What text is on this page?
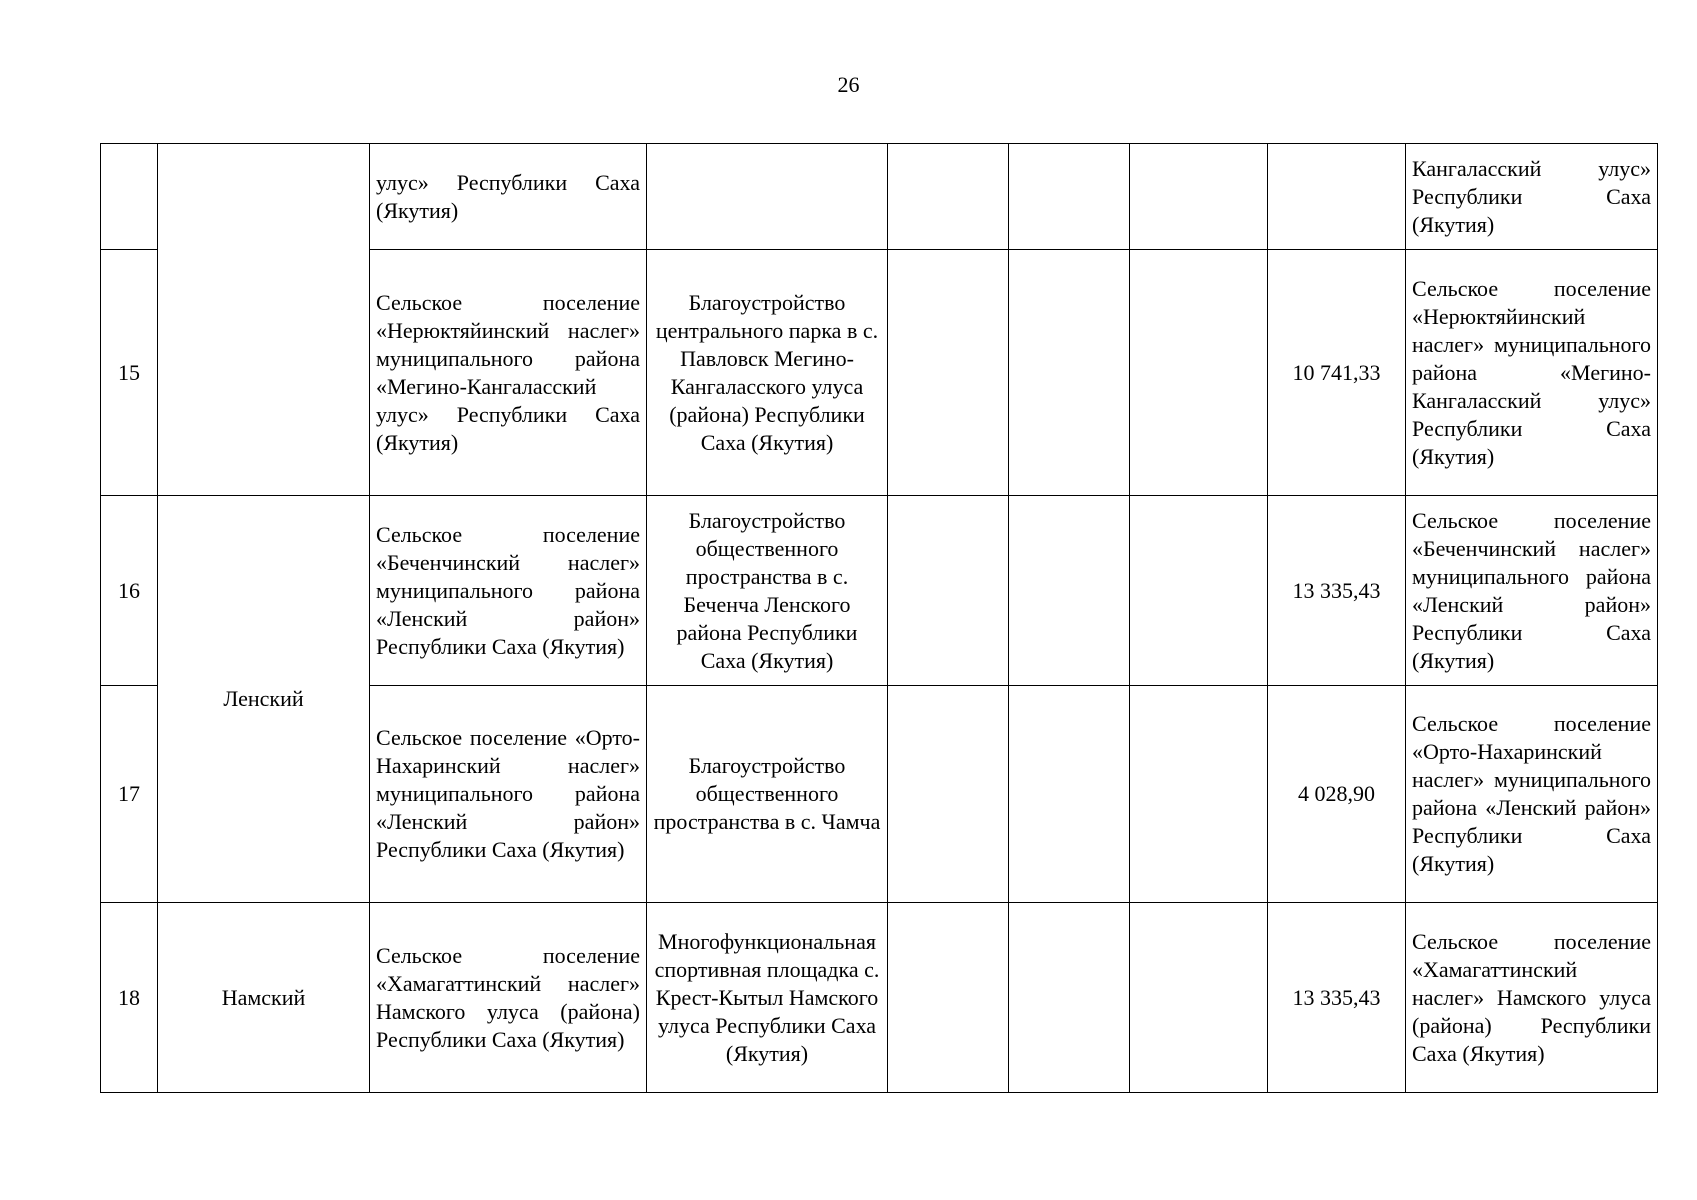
26
		улус» Республики Саха (Якутия)						Кангаласский улус» Республики Саха (Якутия)
15		Сельское поселение «Нерюктяйинский наслег» муниципального района «Мегино-Кангаласский улус» Республики Саха (Якутия)	Благоустройство центрального парка в с. Павловск Мегино-Кангаласского улуса (района) Республики Саха (Якутия)				10 741,33	Сельское поселение «Нерюктяйинский наслег» муниципального района «Мегино-Кангаласский улус» Республики Саха (Якутия)
16	Ленский	Сельское поселение «Беченчинский наслег» муниципального района «Ленский район» Республики Саха (Якутия)	Благоустройство общественного пространства в с. Беченча Ленского района Республики Саха (Якутия)				13 335,43	Сельское поселение «Беченчинский наслег» муниципального района «Ленский район» Республики Саха (Якутия)
17		Сельское поселение «Орто-Нахаринский наслег» муниципального района «Ленский район» Республики Саха (Якутия)	Благоустройство общественного пространства в с. Чамча				4 028,90	Сельское поселение «Орто-Нахаринский наслег» муниципального района «Ленский район» Республики Саха (Якутия)
18	Намский	Сельское поселение «Хамагаттинский наслег» Намского улуса (района) Республики Саха (Якутия)	Многофункциональная спортивная площадка с. Крест-Кытыл Намского улуса Республики Саха (Якутия)				13 335,43	Сельское поселение «Хамагаттинский наслег» Намского улуса (района) Республики Саха (Якутия)
